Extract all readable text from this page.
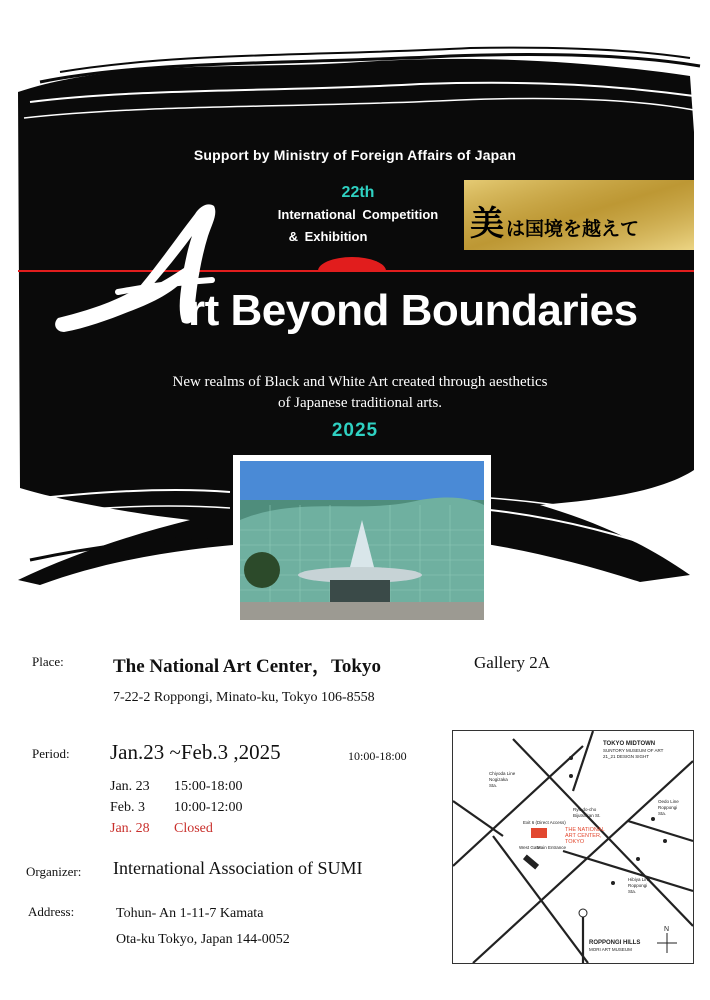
Support by Ministry of Foreign Affairs of Japan
22th
International Competition
& Exhibition	美は国境を越えて
rt Beyond Boundaries
New realms of Black and White Art created through aesthetics
of Japanese traditional arts.
2025
Place:	The National Art Center，Tokyo	Gallery 2A
7-22-2 Roppongi, Minato-ku, Tokyo 106-8558
Period: Jan.23 ~Feb.3 ,2025	10:00-18:00
Jan. 23 15:00-18:00
Feb. 3 10:00-12:00
Jan. 28 Closed
Organizer: International Association of SUMI
Address:	Tohun- An 1-11-7 Kamata
Ota-ku Tokyo, Japan 144-0052
TOKYO MIDTOWN
SUNTORY MUSEUM OF ART
21_21 DESIGN SIGHT
Chiyoda Line
Nogizaka
Sta.
Ryu-do-cho
Bijutsukan St.
Oedo Line
Roppongi
Sta.
Exit 6 (Direct Access)
THE NATIONAL
ART CENTER,
TOKYO
West Gate
Main Entrance
Hibiya Line
Roppongi
Sta.
ROPPONGI HILLS
MORI ART MUSEUM
N
